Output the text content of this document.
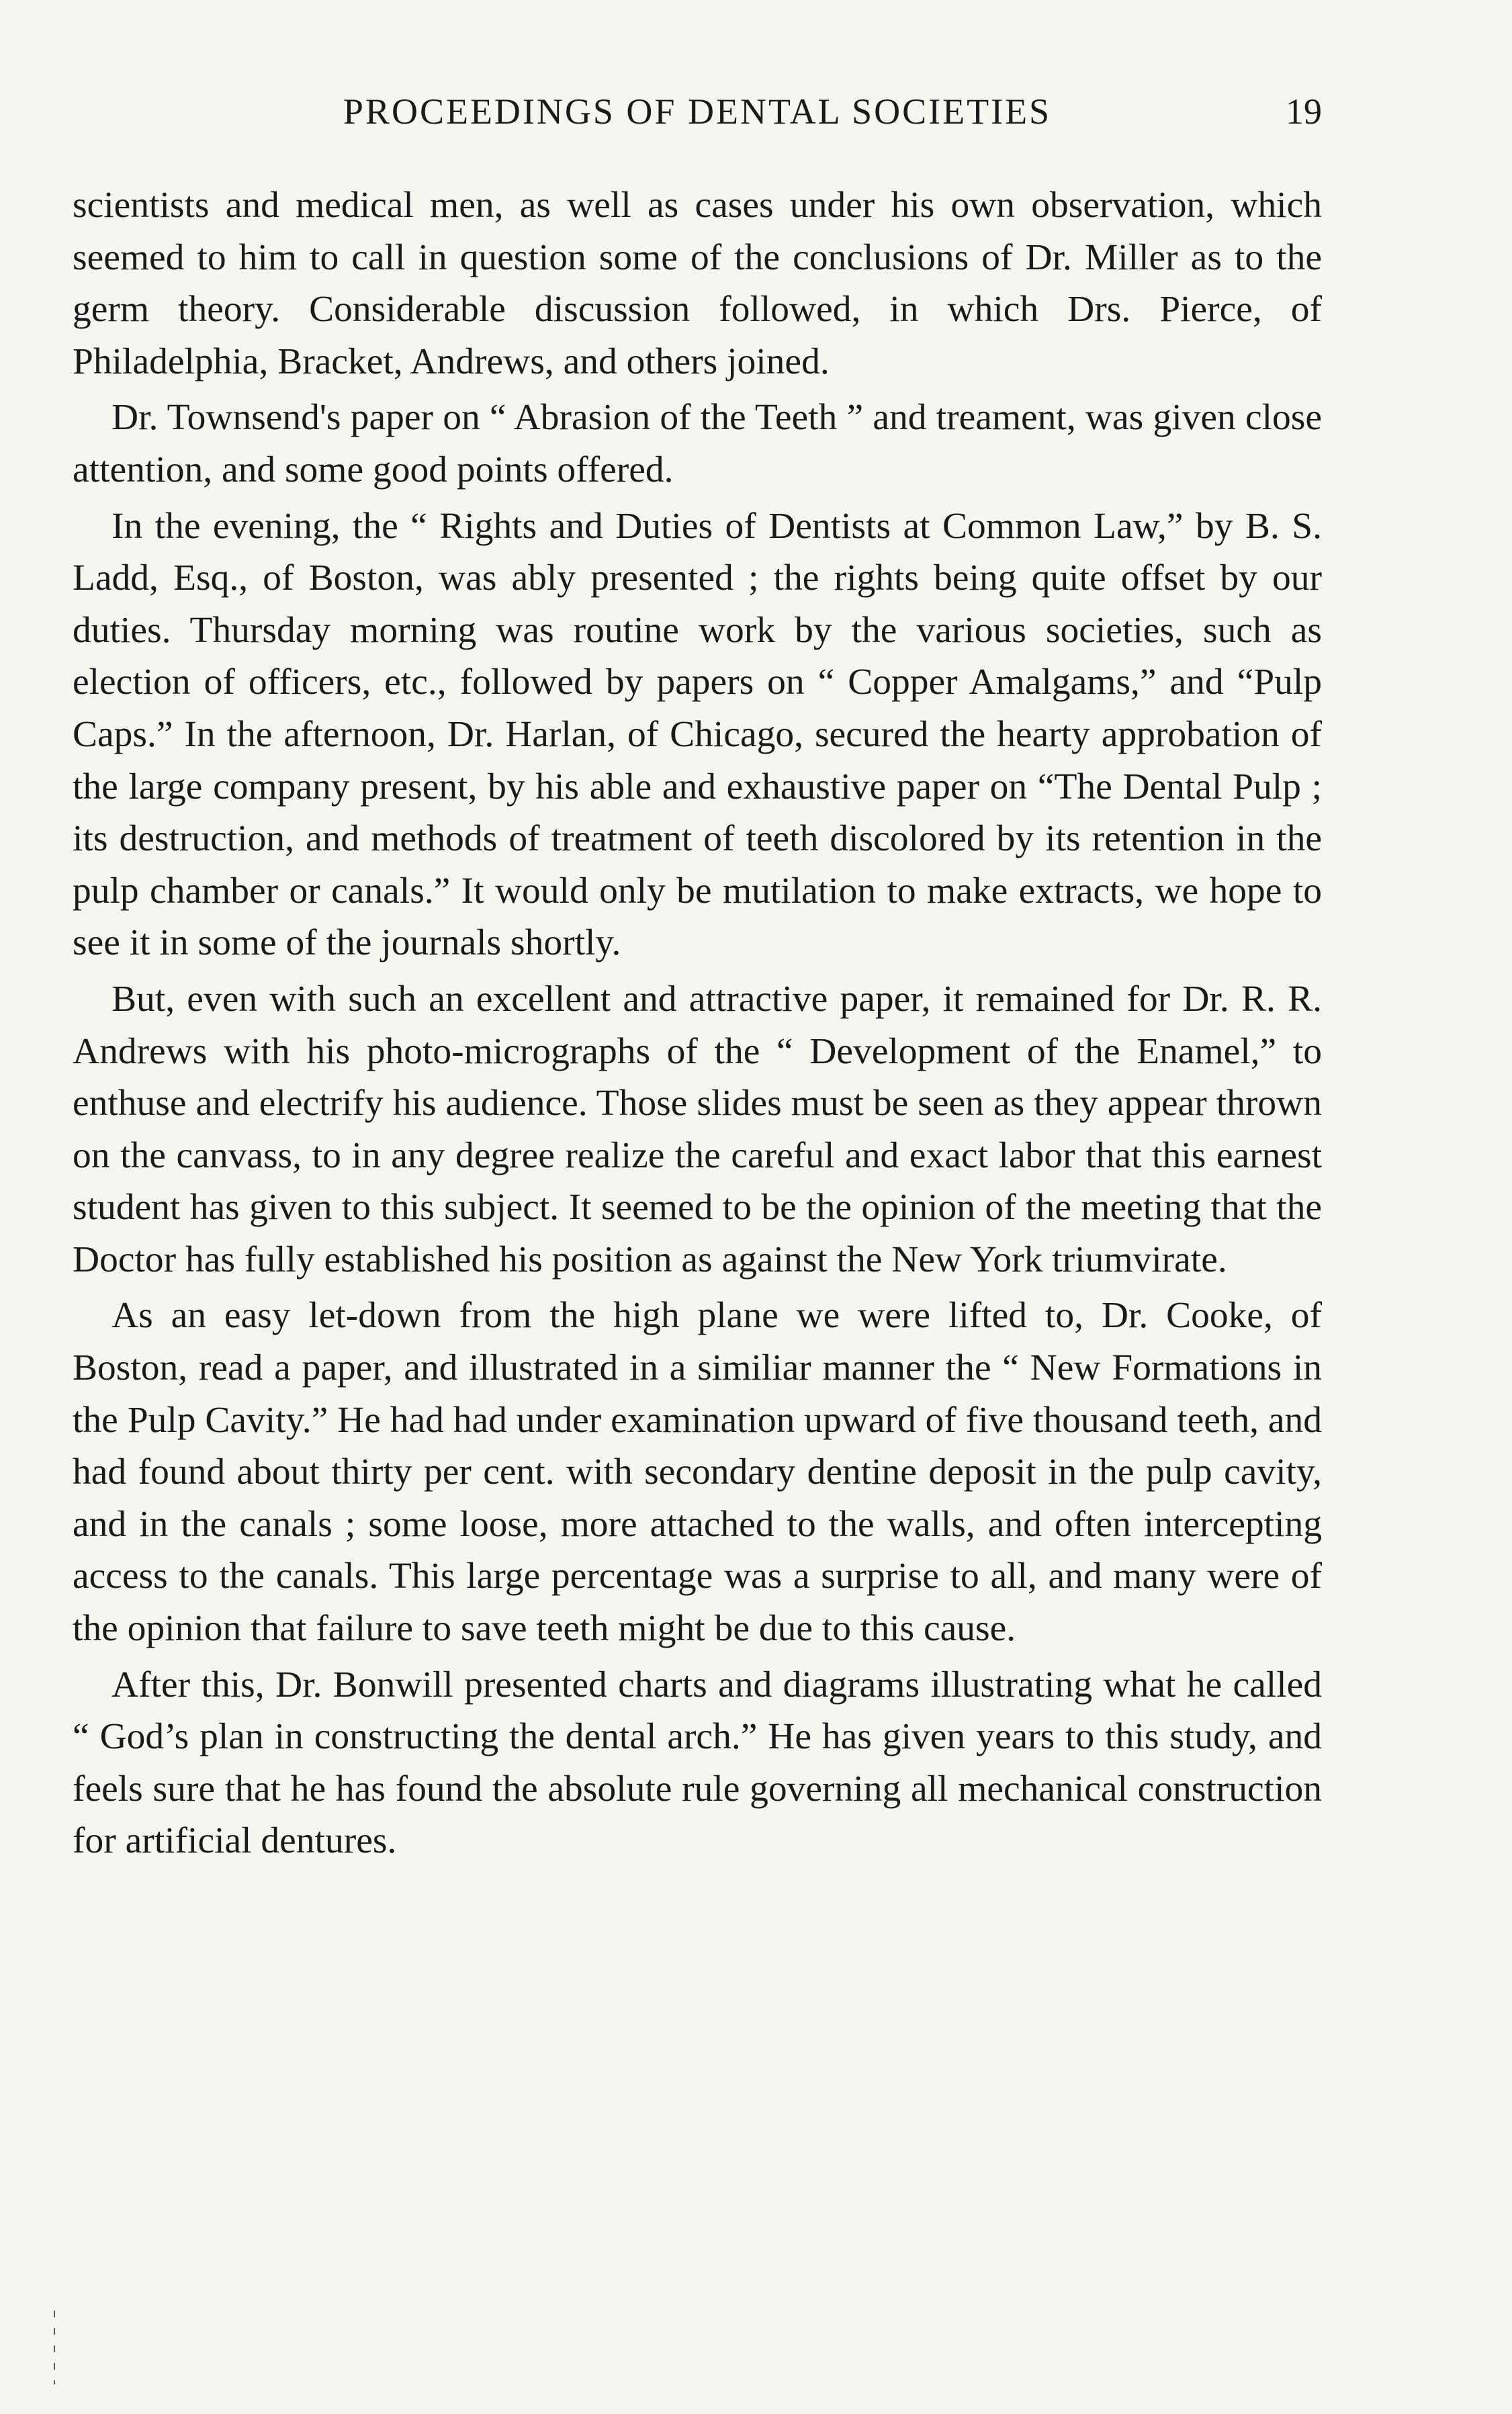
PROCEEDINGS OF DENTAL SOCIETIES	19

scientists and medical men, as well as cases under his own observation, which seemed to him to call in question some of the conclusions of Dr. Miller as to the germ theory. Considerable discussion followed, in which Drs. Pierce, of Philadelphia, Bracket, Andrews, and others joined.

Dr. Townsend's paper on “ Abrasion of the Teeth ” and treament, was given close attention, and some good points offered.

In the evening, the “ Rights and Duties of Dentists at Common Law,” by B. S. Ladd, Esq., of Boston, was ably presented ; the rights being quite offset by our duties. Thursday morning was routine work by the various societies, such as election of officers, etc., followed by papers on “ Copper Amalgams,” and “Pulp Caps.” In the afternoon, Dr. Harlan, of Chicago, secured the hearty approbation of the large company present, by his able and exhaustive paper on “The Dental Pulp ; its destruction, and methods of treatment of teeth discolored by its retention in the pulp chamber or canals.” It would only be mutilation to make extracts, we hope to see it in some of the journals shortly.

But, even with such an excellent and attractive paper, it remained for Dr. R. R. Andrews with his photo-micrographs of the “ Development of the Enamel,” to enthuse and electrify his audience. Those slides must be seen as they appear thrown on the canvass, to in any degree realize the careful and exact labor that this earnest student has given to this subject. It seemed to be the opinion of the meeting that the Doctor has fully established his position as against the New York triumvirate.

As an easy let-down from the high plane we were lifted to, Dr. Cooke, of Boston, read a paper, and illustrated in a similiar manner the “ New Formations in the Pulp Cavity.” He had had under examination upward of five thousand teeth, and had found about thirty per cent. with secondary dentine deposit in the pulp cavity, and in the canals ; some loose, more attached to the walls, and often intercepting access to the canals. This large percentage was a surprise to all, and many were of the opinion that failure to save teeth might be due to this cause.

After this, Dr. Bonwill presented charts and diagrams illustrating what he called “ God’s plan in constructing the dental arch.” He has given years to this study, and feels sure that he has found the absolute rule governing all mechanical construction for artificial dentures.
